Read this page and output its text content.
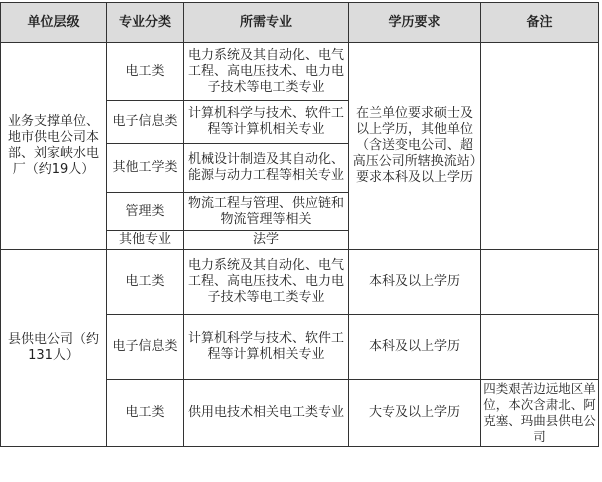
单位层级	专业分类	所需专业	学历要求	备注
业务支撑单位、地市供电公司本部、刘家峡水电厂（约19人）	电工类	电力系统及其自动化、电气工程、高电压技术、电力电子技术等电工类专业	在兰单位要求硕士及以上学历，其他单位（含送变电公司、超高压公司所辖换流站）要求本科及以上学历	
	电子信息类	计算机科学与技术、软件工程等计算机相关专业		
	其他工学类	机械设计制造及其自动化、能源与动力工程等相关专业		
	管理类	物流工程与管理、供应链和物流管理等相关		
	其他专业	法学		
县供电公司（约131人）	电工类	电力系统及其自动化、电气工程、高电压技术、电力电子技术等电工类专业	本科及以上学历	
	电子信息类	计算机科学与技术、软件工程等计算机相关专业	本科及以上学历	
	电工类	供用电技术相关电工类专业	大专及以上学历	四类艰苦边远地区单位，本次含肃北、阿克塞、玛曲县供电公司
